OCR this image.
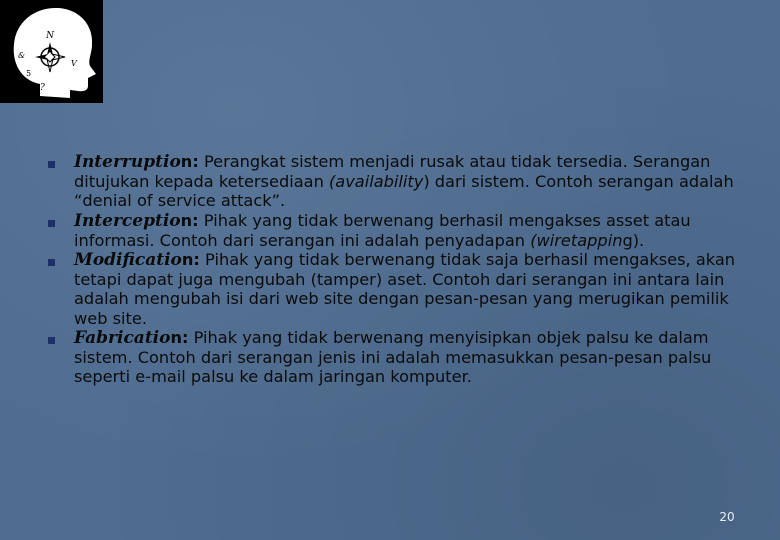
N
V
&
5
?
Interruption: Perangkat sistem menjadi rusak atau tidak tersedia. Serangan ditujukan kepada ketersediaan (availability) dari sistem. Contoh serangan adalah “denial of service attack”.
Interception: Pihak yang tidak berwenang berhasil mengakses asset atau informasi. Contoh dari serangan ini adalah penyadapan (wiretapping).
Modification: Pihak yang tidak berwenang tidak saja berhasil mengakses, akan tetapi dapat juga mengubah (tamper) aset. Contoh dari serangan ini antara lain adalah mengubah isi dari web site dengan pesan-pesan yang merugikan pemilik web site.
Fabrication: Pihak yang tidak berwenang menyisipkan objek palsu ke dalam sistem. Contoh dari serangan jenis ini adalah memasukkan pesan-pesan palsu seperti e-mail palsu ke dalam jaringan komputer.
20
